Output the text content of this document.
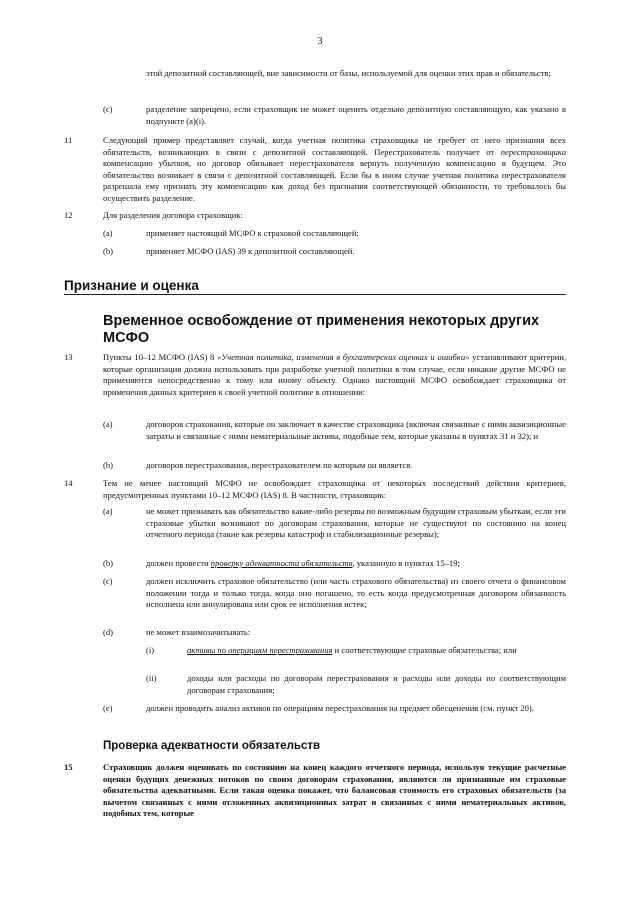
3
этой депозитной составляющей, вне зависимости от базы, используемой для оценки этих прав и обязательств;
(c)	разделение запрещено, если страховщик не может оценить отдельно депозитную составляющую, как указано в подпункте (а)(i).
11	Следующий пример представляет случай, когда учетная политика страховщика не требует от него признания всех обязательств, возникающих в связи с депозитной составляющей. Перестрахователь получает от перестраховщика компенсацию убытков, но договор обязывает перестрахователя вернуть полученную компенсацию в будущем. Это обязательство возникает в связи с депозитной составляющей. Если бы в ином случае учетная политика перестрахователя разрешала ему признать эту компенсацию как доход без признания соответствующей обязанности, то требовалось бы осуществить разделение.
12	Для разделения договора страховщик:
(a)	применяет настоящий МСФО к страховой составляющей;
(b)	применяет МСФО (IAS) 39 к депозитной составляющей.
Признание и оценка
Временное освобождение от применения некоторых других МСФО
13	Пункты 10–12 МСФО (IAS) 8 «Учетная политика, изменения в бухгалтерских оценках и ошибки» устанавливают критерии, которые организация должна использовать при разработке учетной политики в том случае, если никакие другие МСФО не применяются непосредственно к тому или иному объекту. Однако настоящий МСФО освобождает страховщика от применения данных критериев к своей учетной политике в отношении:
(a)	договоров страхования, которые он заключает в качестве страховщика (включая связанные с ними аквизиционные затраты и связанные с ними нематериальные активы, подобные тем, которые указаны в пунктах 31 и 32); и
(b)	договоров перестрахования, перестрахователем по которым он является.
14	Тем не менее настоящий МСФО не освобождает страховщика от некоторых последствий действия критериев, предусмотренных пунктами 10–12 МСФО (IAS) 8. В частности, страховщик:
(a)	не может признавать как обязательство какие-либо резервы по возможным будущим страховым убыткам, если эти страховые убытки возникают по договорам страхования, которые не существуют по состоянию на конец отчетного периода (такие как резервы катастроф и стабилизационные резервы);
(b)	должен провести проверку адекватности обязательств, указанную в пунктах 15–19;
(c)	должен исключить страховое обязательство (или часть страхового обязательства) из своего отчета о финансовом положении тогда и только тогда, когда оно погашено, то есть когда предусмотренная договором обязанность исполнена или аннулирована или срок ее исполнения истек;
(d)	не может взаимозачитывать:
(i)	активы по операциям перестрахования и соответствующие страховые обязательства; или
(ii)	доходы или расходы по договорам перестрахования и расходы или доходы по соответствующим договорам страхования;
(e)	должен проводить анализ активов по операциям перестрахования на предмет обесценения (см. пункт 20).
Проверка адекватности обязательств
15	Страховщик должен оценивать по состоянию на конец каждого отчетного периода, используя текущие расчетные оценки будущих денежных потоков по своим договорам страхования, являются ли признанные им страховые обязательства адекватными. Если такая оценка покажет, что балансовая стоимость его страховых обязательств (за вычетом связанных с ними отложенных аквизиционных затрат и связанных с ними нематериальных активов, подобных тем, которые
